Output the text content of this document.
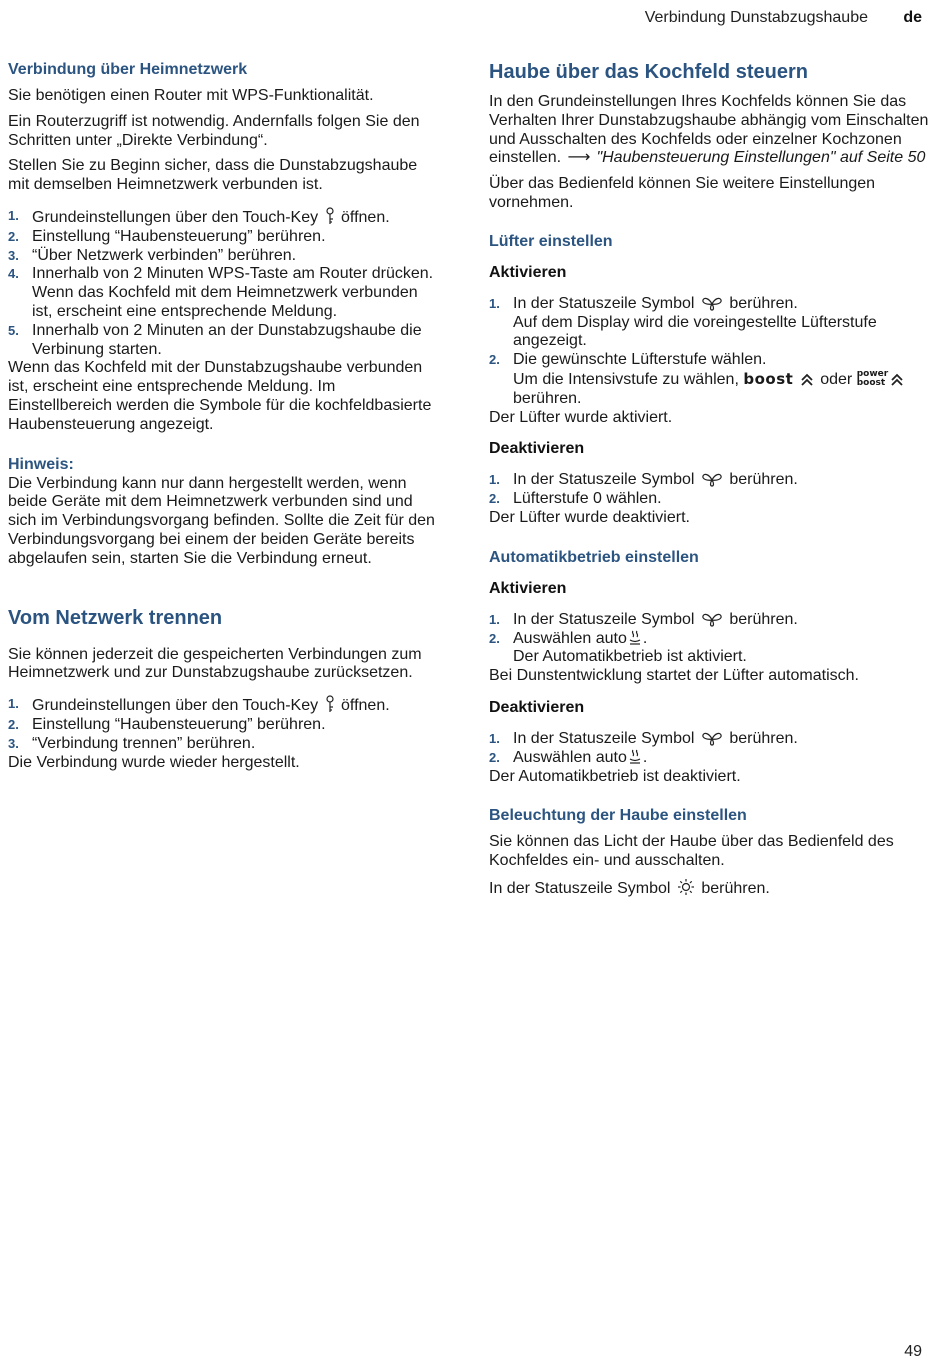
Verbindung Dunstabzugshaube de
Verbindung über Heimnetzwerk

Sie benötigen einen Router mit WPS-Funktionalität.

Ein Routerzugriff ist notwendig. Andernfalls folgen Sie den Schritten unter „Direkte Verbindung“.

Stellen Sie zu Beginn sicher, dass die Dunstabzugshaube mit demselben Heimnetzwerk verbunden ist.

1. Grundeinstellungen über den Touch-Key öffnen.
2. Einstellung “Haubensteuerung” berühren.
3. “Über Netzwerk verbinden” berühren.
4. Innerhalb von 2 Minuten WPS-Taste am Router drücken.
Wenn das Kochfeld mit dem Heimnetzwerk verbunden ist, erscheint eine entsprechende Meldung.
5. Innerhalb von 2 Minuten an der Dunstabzugshaube die Verbinung starten.

Wenn das Kochfeld mit der Dunstabzugshaube verbunden ist, erscheint eine entsprechende Meldung. Im Einstellbereich werden die Symbole für die kochfeldbasierte Haubensteuerung angezeigt.

Hinweis:

Die Verbindung kann nur dann hergestellt werden, wenn beide Geräte mit dem Heimnetzwerk verbunden sind und sich im Verbindungsvorgang befinden. Sollte die Zeit für den Verbindungsvorgang bei einem der beiden Geräte bereits abgelaufen sein, starten Sie die Verbindung erneut.

Vom Netzwerk trennen

Sie können jederzeit die gespeicherten Verbindungen zum Heimnetzwerk und zur Dunstabzugshaube zurücksetzen.

1. Grundeinstellungen über den Touch-Key öffnen.
2. Einstellung “Haubensteuerung” berühren.
3. “Verbindung trennen” berühren.

Die Verbindung wurde wieder hergestellt.

Haube über das Kochfeld steuern

In den Grundeinstellungen Ihres Kochfelds können Sie das Verhalten Ihrer Dunstabzugshaube abhängig vom Einschalten und Ausschalten des Kochfelds oder einzelner Kochzonen einstellen. ⟶ "Haubensteuerung Einstellungen" auf Seite 50

Über das Bedienfeld können Sie weitere Einstellungen vornehmen.

Lüfter einstellen
Aktivieren
1. In der Statuszeile Symbol berühren.
Auf dem Display wird die voreingestellte Lüfterstufe angezeigt.
2. Die gewünschte Lüfterstufe wählen.
Um die Intensivstufe zu wählen, boost oder power
boost
berühren.

Der Lüfter wurde aktiviert.

Deaktivieren
1. In der Statuszeile Symbol berühren.
2. Lüfterstufe 0 wählen.

Der Lüfter wurde deaktiviert.

Automatikbetrieb einstellen
Aktivieren
1. In der Statuszeile Symbol berühren.
2. Auswählen auto .
Der Automatikbetrieb ist aktiviert.

Bei Dunstentwicklung startet der Lüfter automatisch.

Deaktivieren
1. In der Statuszeile Symbol berühren.
2. Auswählen auto .

Der Automatikbetrieb ist deaktiviert.

Beleuchtung der Haube einstellen

Sie können das Licht der Haube über das Bedienfeld des Kochfeldes ein- und ausschalten.

In der Statuszeile Symbol berühren.

49
